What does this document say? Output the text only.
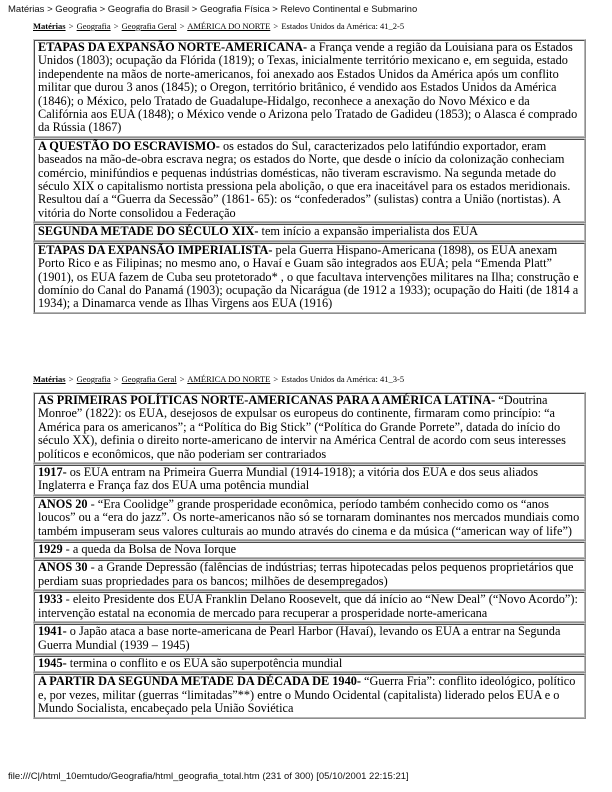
Matérias > Geografia > Geografia do Brasil > Geografia Física > Relevo Continental e Submarino
Matérias > Geografia > Geografia Geral > AMÉRICA DO NORTE > Estados Unidos da América: 41_2-5
ETAPAS DA EXPANSÃO NORTE-AMERICANA- a França vende a região da Louisiana para os Estados Unidos (1803); ocupação da Flórida (1819); o Texas, inicialmente território mexicano e, em seguida, estado independente na mãos de norte-americanos, foi anexado aos Estados Unidos da América após um conflito militar que durou 3 anos (1845); o Oregon, território britânico, é vendido aos Estados Unidos da América (1846); o México, pelo Tratado de Guadalupe-Hidalgo, reconhece a anexação do Novo México e da Califórnia aos EUA (1848); o México vende o Arizona pelo Tratado de Gadideu (1853); o Alasca é comprado da Rússia (1867)
A QUESTÃO DO ESCRAVISMO- os estados do Sul, caracterizados pelo latifúndio exportador, eram baseados na mão-de-obra escrava negra; os estados do Norte, que desde o início da colonização conheciam comércio, minifúndios e pequenas indústrias domésticas, não tiveram escravismo. Na segunda metade do século XIX o capitalismo nortista pressiona pela abolição, o que era inaceitável para os estados meridionais. Resultou daí a “Guerra da Secessão” (1861- 65): os “confederados” (sulistas) contra a União (nortistas). A vitória do Norte consolidou a Federação
SEGUNDA METADE DO SÉCULO XIX- tem início a expansão imperialista dos EUA
ETAPAS DA EXPANSÃO IMPERIALISTA- pela Guerra Hispano-Americana (1898), os EUA anexam Porto Rico e as Filipinas; no mesmo ano, o Havaí e Guam são integrados aos EUA; pela “Emenda Platt” (1901), os EUA fazem de Cuba seu protetorado* , o que facultava intervenções militares na Ilha; construção e domínio do Canal do Panamá (1903); ocupação da Nicarágua (de 1912 a 1933); ocupação do Haiti (de 1814 a 1934); a Dinamarca vende as Ilhas Virgens aos EUA (1916)
Matérias > Geografia > Geografia Geral > AMÉRICA DO NORTE > Estados Unidos da América: 41_3-5
AS PRIMEIRAS POLÍTICAS NORTE-AMERICANAS PARA A AMÉRICA LATINA- “Doutrina Monroe” (1822): os EUA, desejosos de expulsar os europeus do continente, firmaram como princípio: “a América para os americanos”; a “Política do Big Stick” (“Política do Grande Porrete”, datada do início do século XX), definia o direito norte-americano de intervir na América Central de acordo com seus interesses políticos e econômicos, que não poderiam ser contrariados
1917- os EUA entram na Primeira Guerra Mundial (1914-1918); a vitória dos EUA e dos seus aliados Inglaterra e França faz dos EUA uma potência mundial
ANOS 20 - “Era Coolidge” grande prosperidade econômica, período também conhecido como os “anos loucos” ou a “era do jazz”. Os norte-americanos não só se tornaram dominantes nos mercados mundiais como também impuseram seus valores culturais ao mundo através do cinema e da música (“american way of life”)
1929 - a queda da Bolsa de Nova Iorque
ANOS 30 - a Grande Depressão (falências de indústrias; terras hipotecadas pelos pequenos proprietários que perdiam suas propriedades para os bancos; milhões de desempregados)
1933 - eleito Presidente dos EUA Franklin Delano Roosevelt, que dá início ao “New Deal” (“Novo Acordo”): intervenção estatal na economia de mercado para recuperar a prosperidade norte-americana
1941- o Japão ataca a base norte-americana de Pearl Harbor (Havaí), levando os EUA a entrar na Segunda Guerra Mundial (1939 – 1945)
1945- termina o conflito e os EUA são superpotência mundial
A PARTIR DA SEGUNDA METADE DA DÉCADA DE 1940- “Guerra Fria”: conflito ideológico, político e, por vezes, militar (guerras “limitadas”**) entre o Mundo Ocidental (capitalista) liderado pelos EUA e o Mundo Socialista, encabeçado pela União Soviética
file:///C|/html_10emtudo/Geografia/html_geografia_total.htm (231 of 300) [05/10/2001 22:15:21]
